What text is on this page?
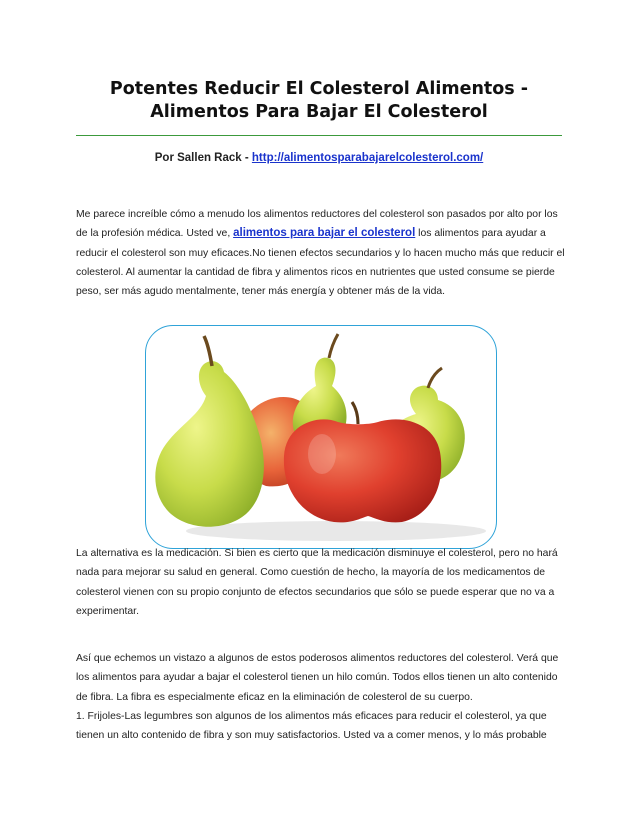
Potentes Reducir El Colesterol Alimentos - Alimentos Para Bajar El Colesterol
Por Sallen Rack - http://alimentosparabajarelcolesterol.com/
Me parece increíble cómo a menudo los alimentos reductores del colesterol son pasados por alto por los de la profesión médica. Usted ve, alimentos para bajar el colesterol los alimentos para ayudar a reducir el colesterol son muy eficaces.No tienen efectos secundarios y lo hacen mucho más que reducir el colesterol. Al aumentar la cantidad de fibra y alimentos ricos en nutrientes que usted consume se pierde peso, ser más agudo mentalmente, tener más energía y obtener más de la vida.
La alternativa es la medicación. Si bien es cierto que la medicación disminuye el colesterol, pero no hará nada para mejorar su salud en general. Como cuestión de hecho, la mayoría de los medicamentos de colesterol vienen con su propio conjunto de efectos secundarios que sólo se puede esperar que no va a experimentar.
Así que echemos un vistazo a algunos de estos poderosos alimentos reductores del colesterol. Verá que los alimentos para ayudar a bajar el colesterol tienen un hilo común. Todos ellos tienen un alto contenido de fibra. La fibra es especialmente eficaz en la eliminación de colesterol de su cuerpo.
1. Frijoles-Las legumbres son algunos de los alimentos más eficaces para reducir el colesterol, ya que tienen un alto contenido de fibra y son muy satisfactorios. Usted va a comer menos, y lo más probable
